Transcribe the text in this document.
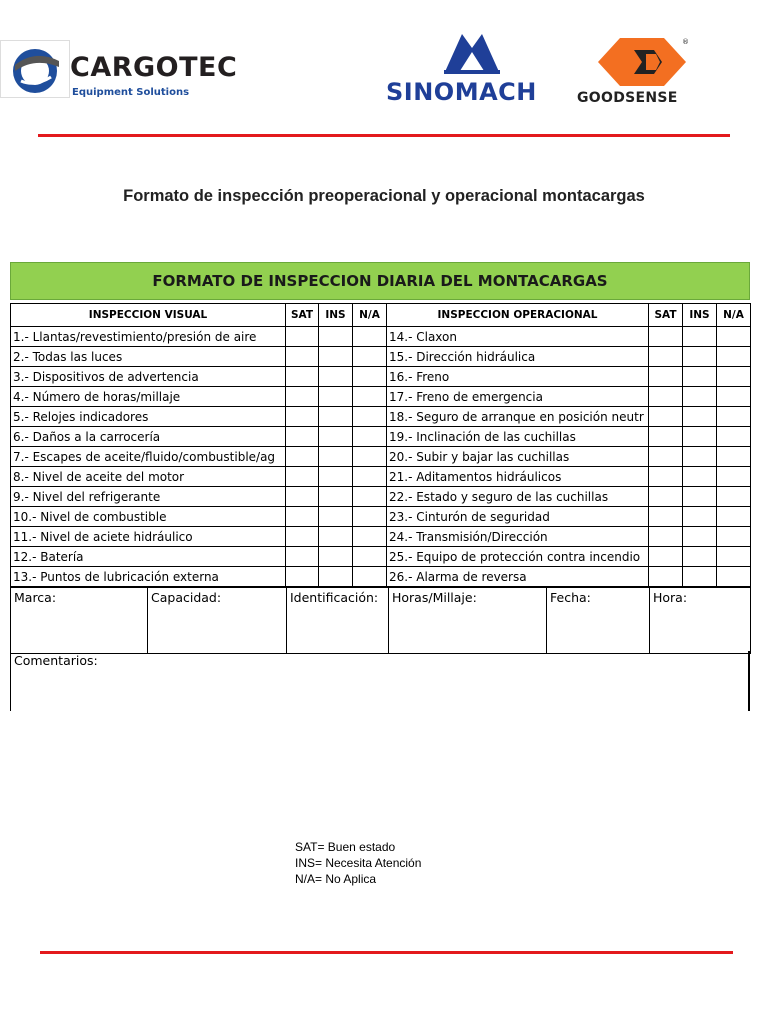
CARGOTEC
Equipment Solutions	SINOMACH
®
GOODSENSE
Formato de inspección preoperacional y operacional montacargas
FORMATO DE INSPECCION DIARIA DEL MONTACARGAS
INSPECCION VISUAL	SAT	INS	N/A	INSPECCION OPERACIONAL	SAT	INS	N/A
1.- Llantas/revestimiento/presión de aire				14.- Claxon			
2.- Todas las luces				15.- Dirección hidráulica			
3.- Dispositivos de advertencia				16.- Freno			
4.- Número de horas/millaje				17.- Freno de emergencia			
5.- Relojes indicadores				18.- Seguro de arranque en posición neutr			
6.- Daños a la carrocería				19.- Inclinación de las cuchillas			
7.- Escapes de aceite/fluido/combustible/ag				20.- Subir y bajar las cuchillas			
8.- Nivel de aceite del motor				21.- Aditamentos hidráulicos			
9.- Nivel del refrigerante				22.- Estado y seguro de las cuchillas			
10.- Nivel de combustible				23.- Cinturón de seguridad			
11.- Nivel de aciete hidráulico				24.- Transmisión/Dirección			
12.- Batería				25.- Equipo de protección contra incendio			
13.- Puntos de lubricación externa				26.- Alarma de reversa			
Marca:	Capacidad:	Identificación:	Horas/Millaje:	Fecha:	Hora:
Comentarios:
SAT= Buen estado
INS= Necesita Atención
N/A= No Aplica
